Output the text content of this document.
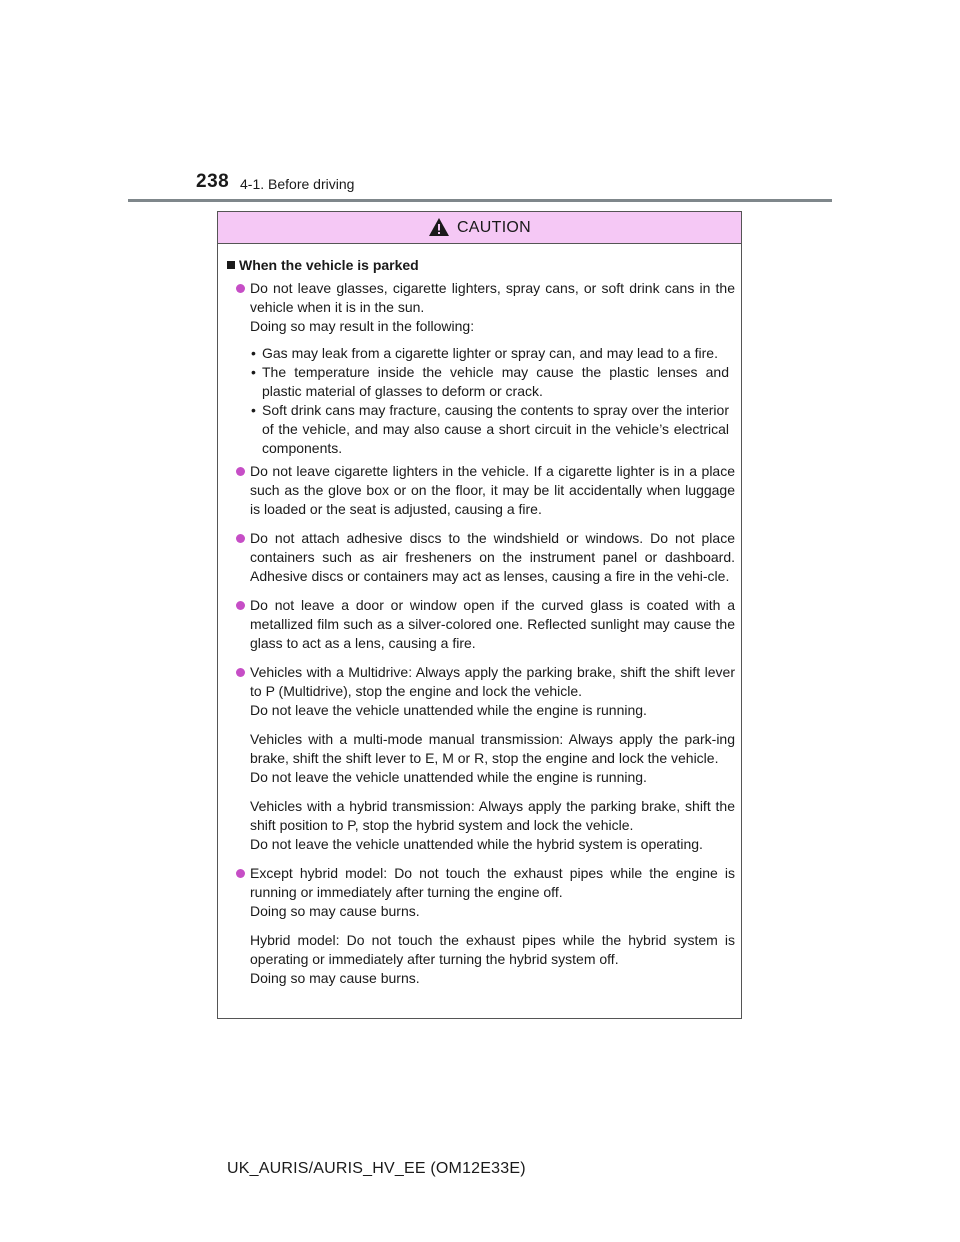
238 4-1. Before driving
CAUTION
When the vehicle is parked
Do not leave glasses, cigarette lighters, spray cans, or soft drink cans in the vehicle when it is in the sun.
Doing so may result in the following:
• Gas may leak from a cigarette lighter or spray can, and may lead to a fire.
• The temperature inside the vehicle may cause the plastic lenses and plastic material of glasses to deform or crack.
• Soft drink cans may fracture, causing the contents to spray over the interior of the vehicle, and may also cause a short circuit in the vehicle’s electrical components.
Do not leave cigarette lighters in the vehicle. If a cigarette lighter is in a place such as the glove box or on the floor, it may be lit accidentally when luggage is loaded or the seat is adjusted, causing a fire.
Do not attach adhesive discs to the windshield or windows. Do not place containers such as air fresheners on the instrument panel or dashboard. Adhesive discs or containers may act as lenses, causing a fire in the vehi-cle.
Do not leave a door or window open if the curved glass is coated with a metallized film such as a silver-colored one. Reflected sunlight may cause the glass to act as a lens, causing a fire.
Vehicles with a Multidrive: Always apply the parking brake, shift the shift lever to P (Multidrive), stop the engine and lock the vehicle.
Do not leave the vehicle unattended while the engine is running.
Vehicles with a multi-mode manual transmission: Always apply the park-ing brake, shift the shift lever to E, M or R, stop the engine and lock the vehicle.
Do not leave the vehicle unattended while the engine is running.
Vehicles with a hybrid transmission: Always apply the parking brake, shift the shift position to P, stop the hybrid system and lock the vehicle.
Do not leave the vehicle unattended while the hybrid system is operating.
Except hybrid model: Do not touch the exhaust pipes while the engine is running or immediately after turning the engine off.
Doing so may cause burns.
Hybrid model: Do not touch the exhaust pipes while the hybrid system is operating or immediately after turning the hybrid system off.
Doing so may cause burns.
UK_AURIS/AURIS_HV_EE (OM12E33E)
